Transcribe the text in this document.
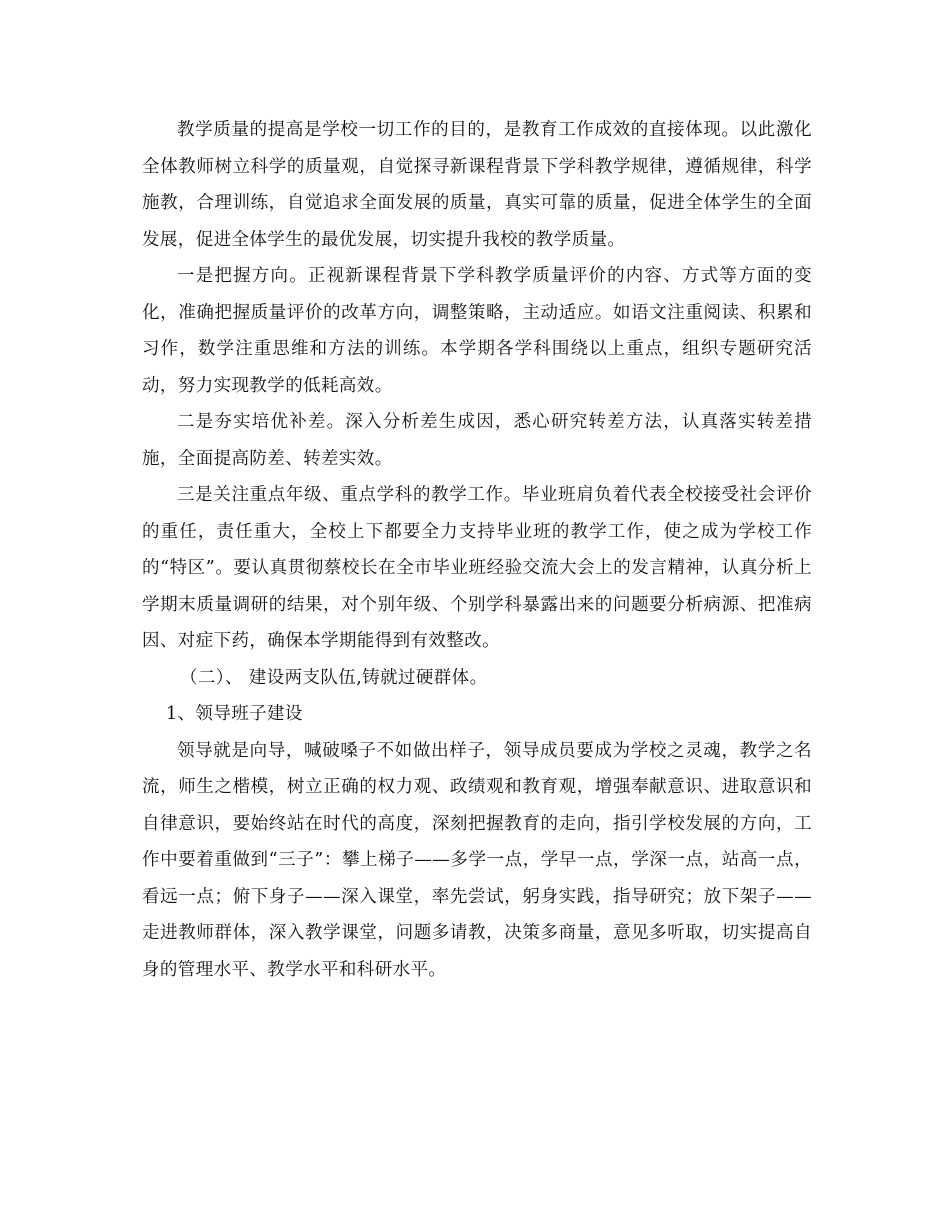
教学质量的提高是学校一切工作的目的，是教育工作成效的直接体现。以此激化全体教师树立科学的质量观，自觉探寻新课程背景下学科教学规律，遵循规律，科学施教，合理训练，自觉追求全面发展的质量，真实可靠的质量，促进全体学生的全面发展，促进全体学生的最优发展，切实提升我校的教学质量。

一是把握方向。正视新课程背景下学科教学质量评价的内容、方式等方面的变化，准确把握质量评价的改革方向，调整策略，主动适应。如语文注重阅读、积累和习作，数学注重思维和方法的训练。本学期各学科围绕以上重点，组织专题研究活动，努力实现教学的低耗高效。

二是夯实培优补差。深入分析差生成因，悉心研究转差方法，认真落实转差措施，全面提高防差、转差实效。

三是关注重点年级、重点学科的教学工作。毕业班肩负着代表全校接受社会评价的重任，责任重大，全校上下都要全力支持毕业班的教学工作，使之成为学校工作的“特区”。要认真贯彻蔡校长在全市毕业班经验交流大会上的发言精神，认真分析上学期末质量调研的结果，对个别年级、个别学科暴露出来的问题要分析病源、把准病因、对症下药，确保本学期能得到有效整改。

（二）、 建设两支队伍,铸就过硬群体。

1、领导班子建设

领导就是向导，喊破嗓子不如做出样子，领导成员要成为学校之灵魂，教学之名流，师生之楷模，树立正确的权力观、政绩观和教育观，增强奉献意识、进取意识和自律意识，要始终站在时代的高度，深刻把握教育的走向，指引学校发展的方向，工作中要着重做到“三子”：攀上梯子——多学一点，学早一点，学深一点，站高一点，看远一点；俯下身子——深入课堂，率先尝试，躬身实践，指导研究；放下架子——走进教师群体，深入教学课堂，问题多请教，决策多商量，意见多听取，切实提高自身的管理水平、教学水平和科研水平。
